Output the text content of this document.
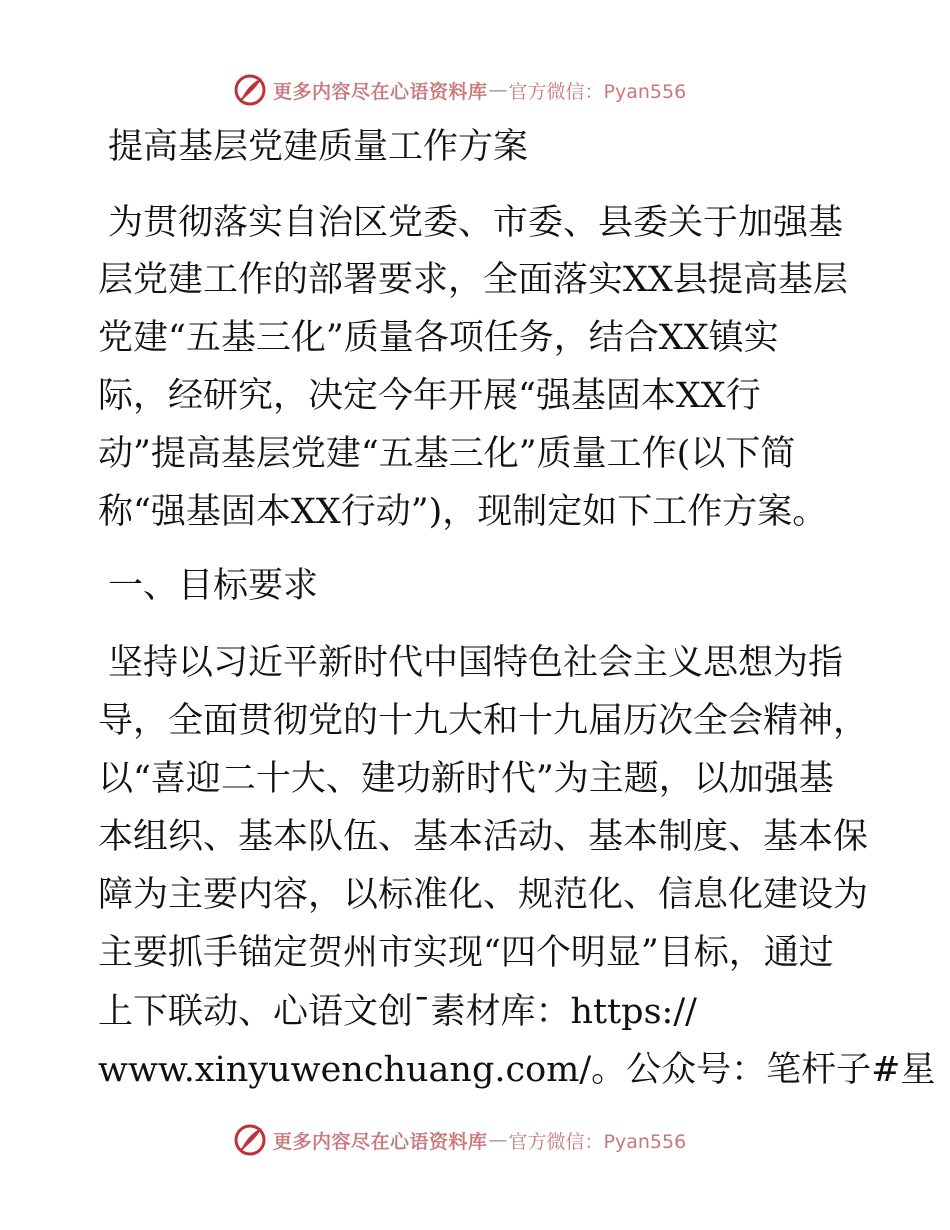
更多内容尽在心语资料库 — 官方微信：Pyan556
提高基层党建质量工作方案
为贯彻落实自治区党委、市委、县委关于加强基
层党建工作的部署要求，全面落实XX县提高基层
党建“五基三化”质量各项任务，结合XX镇实
际，经研究，决定今年开展“强基固本XX行
动”提高基层党建“五基三化”质量工作(以下简
称“强基固本XX行动”)，现制定如下工作方案。
一、目标要求
坚持以习近平新时代中国特色社会主义思想为指
导，全面贯彻党的十九大和十九届历次全会精神，
以“喜迎二十大、建功新时代”为主题，以加强基
本组织、基本队伍、基本活动、基本制度、基本保
障为主要内容，以标准化、规范化、信息化建设为
主要抓手锚定贺州市实现“四个明显”目标，通过
上下联动、心语文创¯素材库：https://
www.xinyuwenchuang.com/。公众号：笔杆子#星
更多内容尽在心语资料库 — 官方微信：Pyan556
